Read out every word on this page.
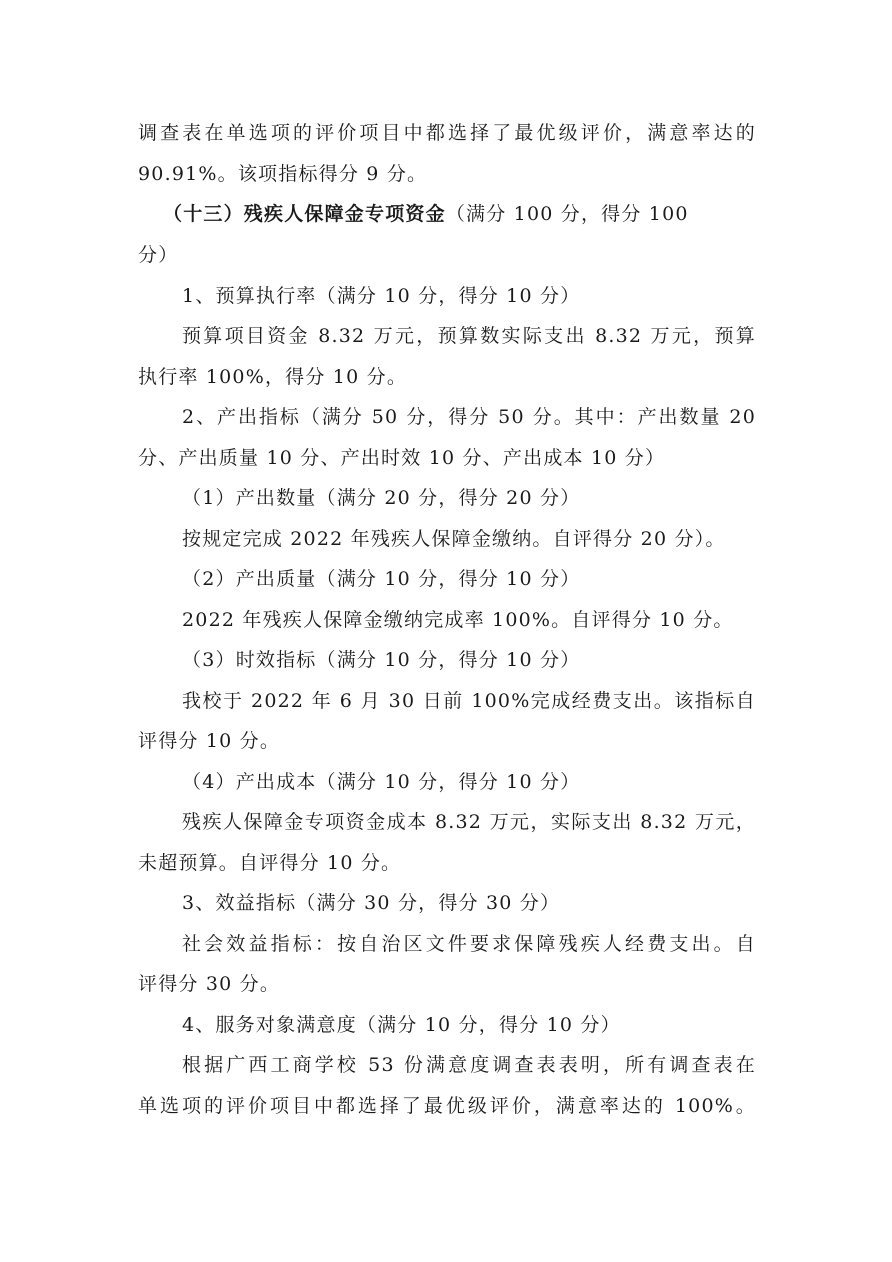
调查表在单选项的评价项目中都选择了最优级评价，满意率达的
90.91%。该项指标得分 9 分。
（十三）残疾人保障金专项资金（满分 100 分，得分 100
分）
1、预算执行率（满分 10 分，得分 10 分）
预算项目资金 8.32 万元，预算数实际支出 8.32 万元，预算
执行率 100%，得分 10 分。
2、产出指标（满分 50 分，得分 50 分。其中：产出数量 20
分、产出质量 10 分、产出时效 10 分、产出成本 10 分）
（1）产出数量（满分 20 分，得分 20 分）
按规定完成 2022 年残疾人保障金缴纳。自评得分 20 分）。
（2）产出质量（满分 10 分，得分 10 分）
2022 年残疾人保障金缴纳完成率 100%。自评得分 10 分。
（3）时效指标（满分 10 分，得分 10 分）
我校于 2022 年 6 月 30 日前 100%完成经费支出。该指标自
评得分 10 分。
（4）产出成本（满分 10 分，得分 10 分）
残疾人保障金专项资金成本 8.32 万元，实际支出 8.32 万元，
未超预算。自评得分 10 分。
3、效益指标（满分 30 分，得分 30 分）
社会效益指标：按自治区文件要求保障残疾人经费支出。自
评得分 30 分。
4、服务对象满意度（满分 10 分，得分 10 分）
根据广西工商学校 53 份满意度调查表表明，所有调查表在
单选项的评价项目中都选择了最优级评价，满意率达的 100%。
